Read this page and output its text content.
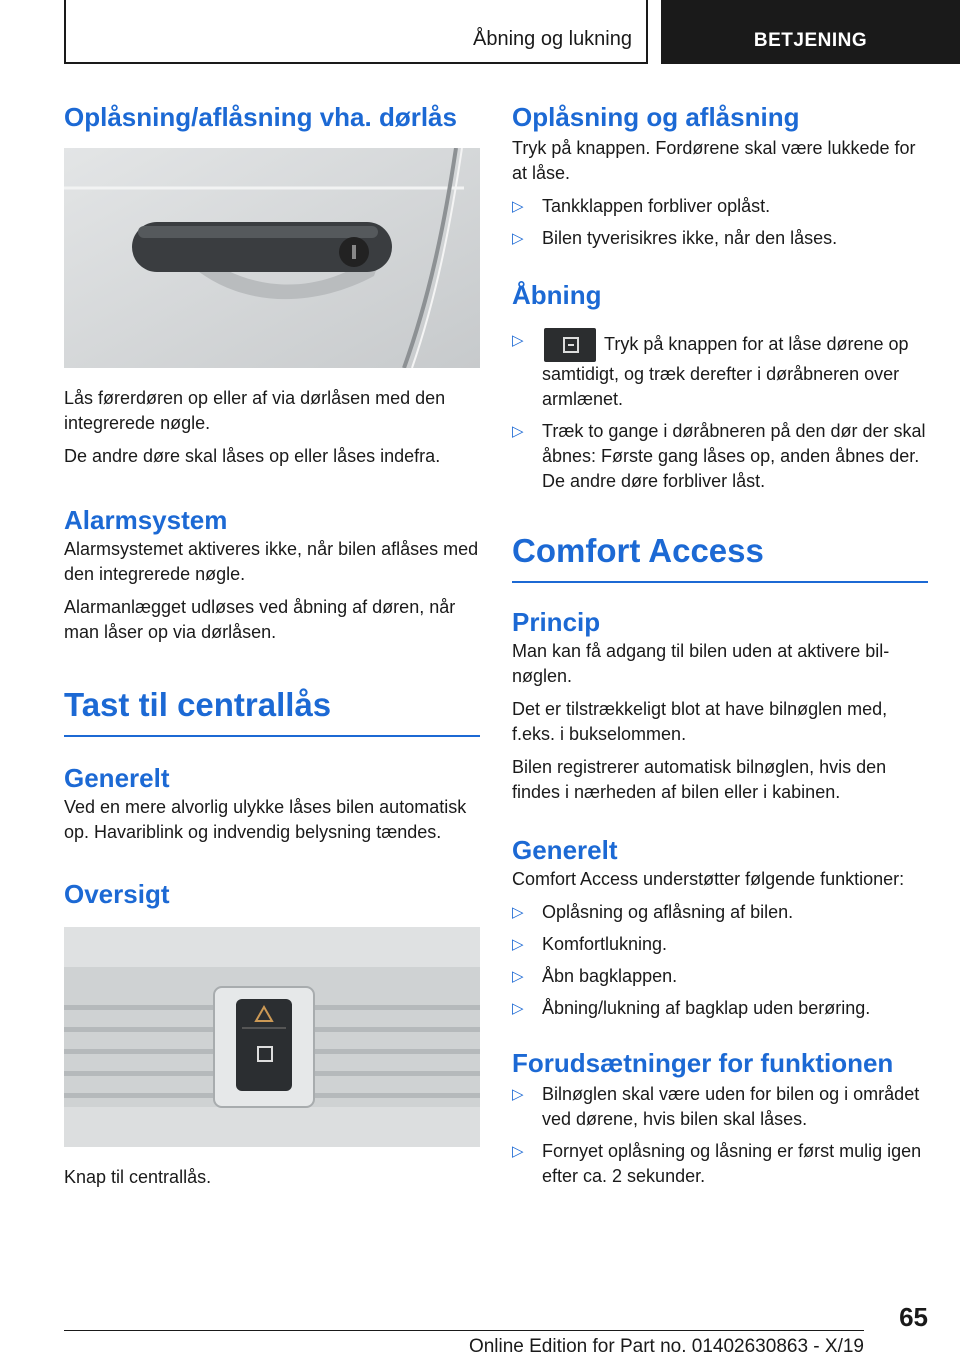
Åbning og lukning	BETJENING
Oplåsning/aflåsning vha. dørlås

Lås førerdøren op eller af via dørlåsen med den integrerede nøgle.

De andre døre skal låses op eller låses indefra.

Alarmsystem

Alarmsystemet aktiveres ikke, når bilen aflåses med den integrerede nøgle.

Alarmanlægget udløses ved åbning af døren, når man låser op via dørlåsen.

Tast til centrallås
Generelt

Ved en mere alvorlig ulykke låses bilen automatisk op. Havariblink og indvendig belysning tændes.

Oversigt

Knap til centrallås.

Oplåsning og aflåsning

Tryk på knappen. Fordørene skal være lukkede for at låse.

▷ Tankklappen forbliver oplåst.
▷ Bilen tyverisikres ikke, når den låses.
Åbning
▷	Tryk på knappen for at låse dørene op samtidigt, og træk derefter i døråbneren over armlænet.
▷ Træk to gange i døråbneren på den dør der skal åbnes: Første gang låses op, anden åbnes der. De andre døre forbliver låst.
Comfort Access
Princip

Man kan få adgang til bilen uden at aktivere bilnøglen.

Det er tilstrækkeligt blot at have bilnøglen med, f.eks. i bukselommen.

Bilen registrerer automatisk bilnøglen, hvis den findes i nærheden af bilen eller i kabinen.

Generelt

Comfort Access understøtter følgende funktioner:

▷ Oplåsning og aflåsning af bilen.
▷ Komfortlukning.
▷ Åbn bagklappen.
▷ Åbning/lukning af bagklap uden berøring.
Forudsætninger for funktionen
▷ Bilnøglen skal være uden for bilen og i området ved dørene, hvis bilen skal låses.
▷ Fornyet oplåsning og låsning er først mulig igen efter ca. 2 sekunder.
65
Online Edition for Part no. 01402630863 - X/19
